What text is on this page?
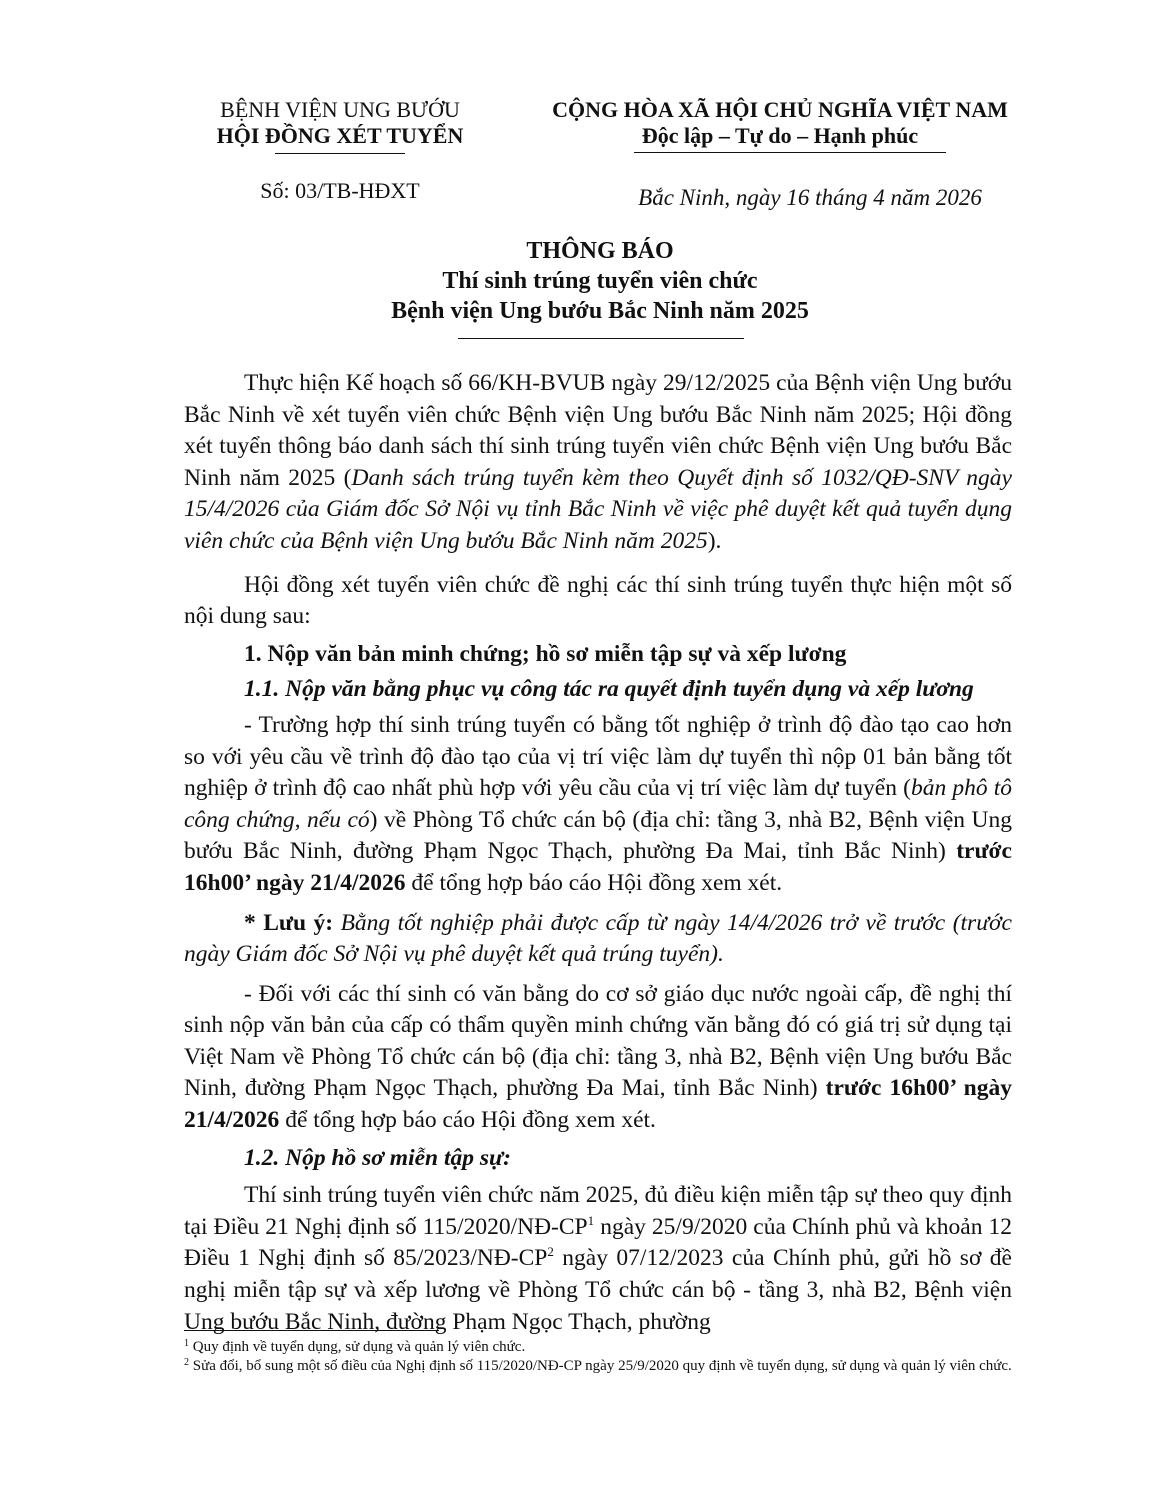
BỆNH VIỆN UNG BƯỚU
HỘI ĐỒNG XÉT TUYỂN
Số: 03/TB-HĐXT
CỘNG HÒA XÃ HỘI CHỦ NGHĨA VIỆT NAM
Độc lập – Tự do – Hạnh phúc
Bắc Ninh, ngày 16 tháng 4 năm 2026
THÔNG BÁO
Thí sinh trúng tuyển viên chức
Bệnh viện Ung bướu Bắc Ninh năm 2025

Thực hiện Kế hoạch số 66/KH-BVUB ngày 29/12/2025 của Bệnh viện Ung bướu Bắc Ninh về xét tuyển viên chức Bệnh viện Ung bướu Bắc Ninh năm 2025; Hội đồng xét tuyển thông báo danh sách thí sinh trúng tuyển viên chức Bệnh viện Ung bướu Bắc Ninh năm 2025 (Danh sách trúng tuyển kèm theo Quyết định số 1032/QĐ-SNV ngày 15/4/2026 của Giám đốc Sở Nội vụ tỉnh Bắc Ninh về việc phê duyệt kết quả tuyển dụng viên chức của Bệnh viện Ung bướu Bắc Ninh năm 2025).

Hội đồng xét tuyển viên chức đề nghị các thí sinh trúng tuyển thực hiện một số nội dung sau:

1. Nộp văn bản minh chứng; hồ sơ miễn tập sự và xếp lương

1.1. Nộp văn bằng phục vụ công tác ra quyết định tuyển dụng và xếp lương

- Trường hợp thí sinh trúng tuyển có bằng tốt nghiệp ở trình độ đào tạo cao hơn so với yêu cầu về trình độ đào tạo của vị trí việc làm dự tuyển thì nộp 01 bản bằng tốt nghiệp ở trình độ cao nhất phù hợp với yêu cầu của vị trí việc làm dự tuyển (bản phô tô công chứng, nếu có) về Phòng Tổ chức cán bộ (địa chỉ: tầng 3, nhà B2, Bệnh viện Ung bướu Bắc Ninh, đường Phạm Ngọc Thạch, phường Đa Mai, tỉnh Bắc Ninh) trước 16h00’ ngày 21/4/2026 để tổng hợp báo cáo Hội đồng xem xét.

* Lưu ý: Bằng tốt nghiệp phải được cấp từ ngày 14/4/2026 trở về trước (trước ngày Giám đốc Sở Nội vụ phê duyệt kết quả trúng tuyển).

- Đối với các thí sinh có văn bằng do cơ sở giáo dục nước ngoài cấp, đề nghị thí sinh nộp văn bản của cấp có thẩm quyền minh chứng văn bằng đó có giá trị sử dụng tại Việt Nam về Phòng Tổ chức cán bộ (địa chỉ: tầng 3, nhà B2, Bệnh viện Ung bướu Bắc Ninh, đường Phạm Ngọc Thạch, phường Đa Mai, tỉnh Bắc Ninh) trước 16h00’ ngày 21/4/2026 để tổng hợp báo cáo Hội đồng xem xét.

1.2. Nộp hồ sơ miễn tập sự:

Thí sinh trúng tuyển viên chức năm 2025, đủ điều kiện miễn tập sự theo quy định tại Điều 21 Nghị định số $115/2020/NĐ-CP^1$ ngày 25/9/2020 của Chính phủ và khoản 12 Điều 1 Nghị định số $85/2023/NĐ-CP^2$ ngày 07/12/2023 của Chính phủ, gửi hồ sơ đề nghị miễn tập sự và xếp lương về Phòng Tổ chức cán bộ - tầng 3, nhà B2, Bệnh viện Ung bướu Bắc Ninh, đường Phạm Ngọc Thạch, phường

$^1$ Quy định về tuyển dụng, sử dụng và quản lý viên chức.

$^2$ Sửa đổi, bổ sung một số điều của Nghị định số 115/2020/NĐ-CP ngày 25/9/2020 quy định về tuyển dụng, sử dụng và quản lý viên chức.
